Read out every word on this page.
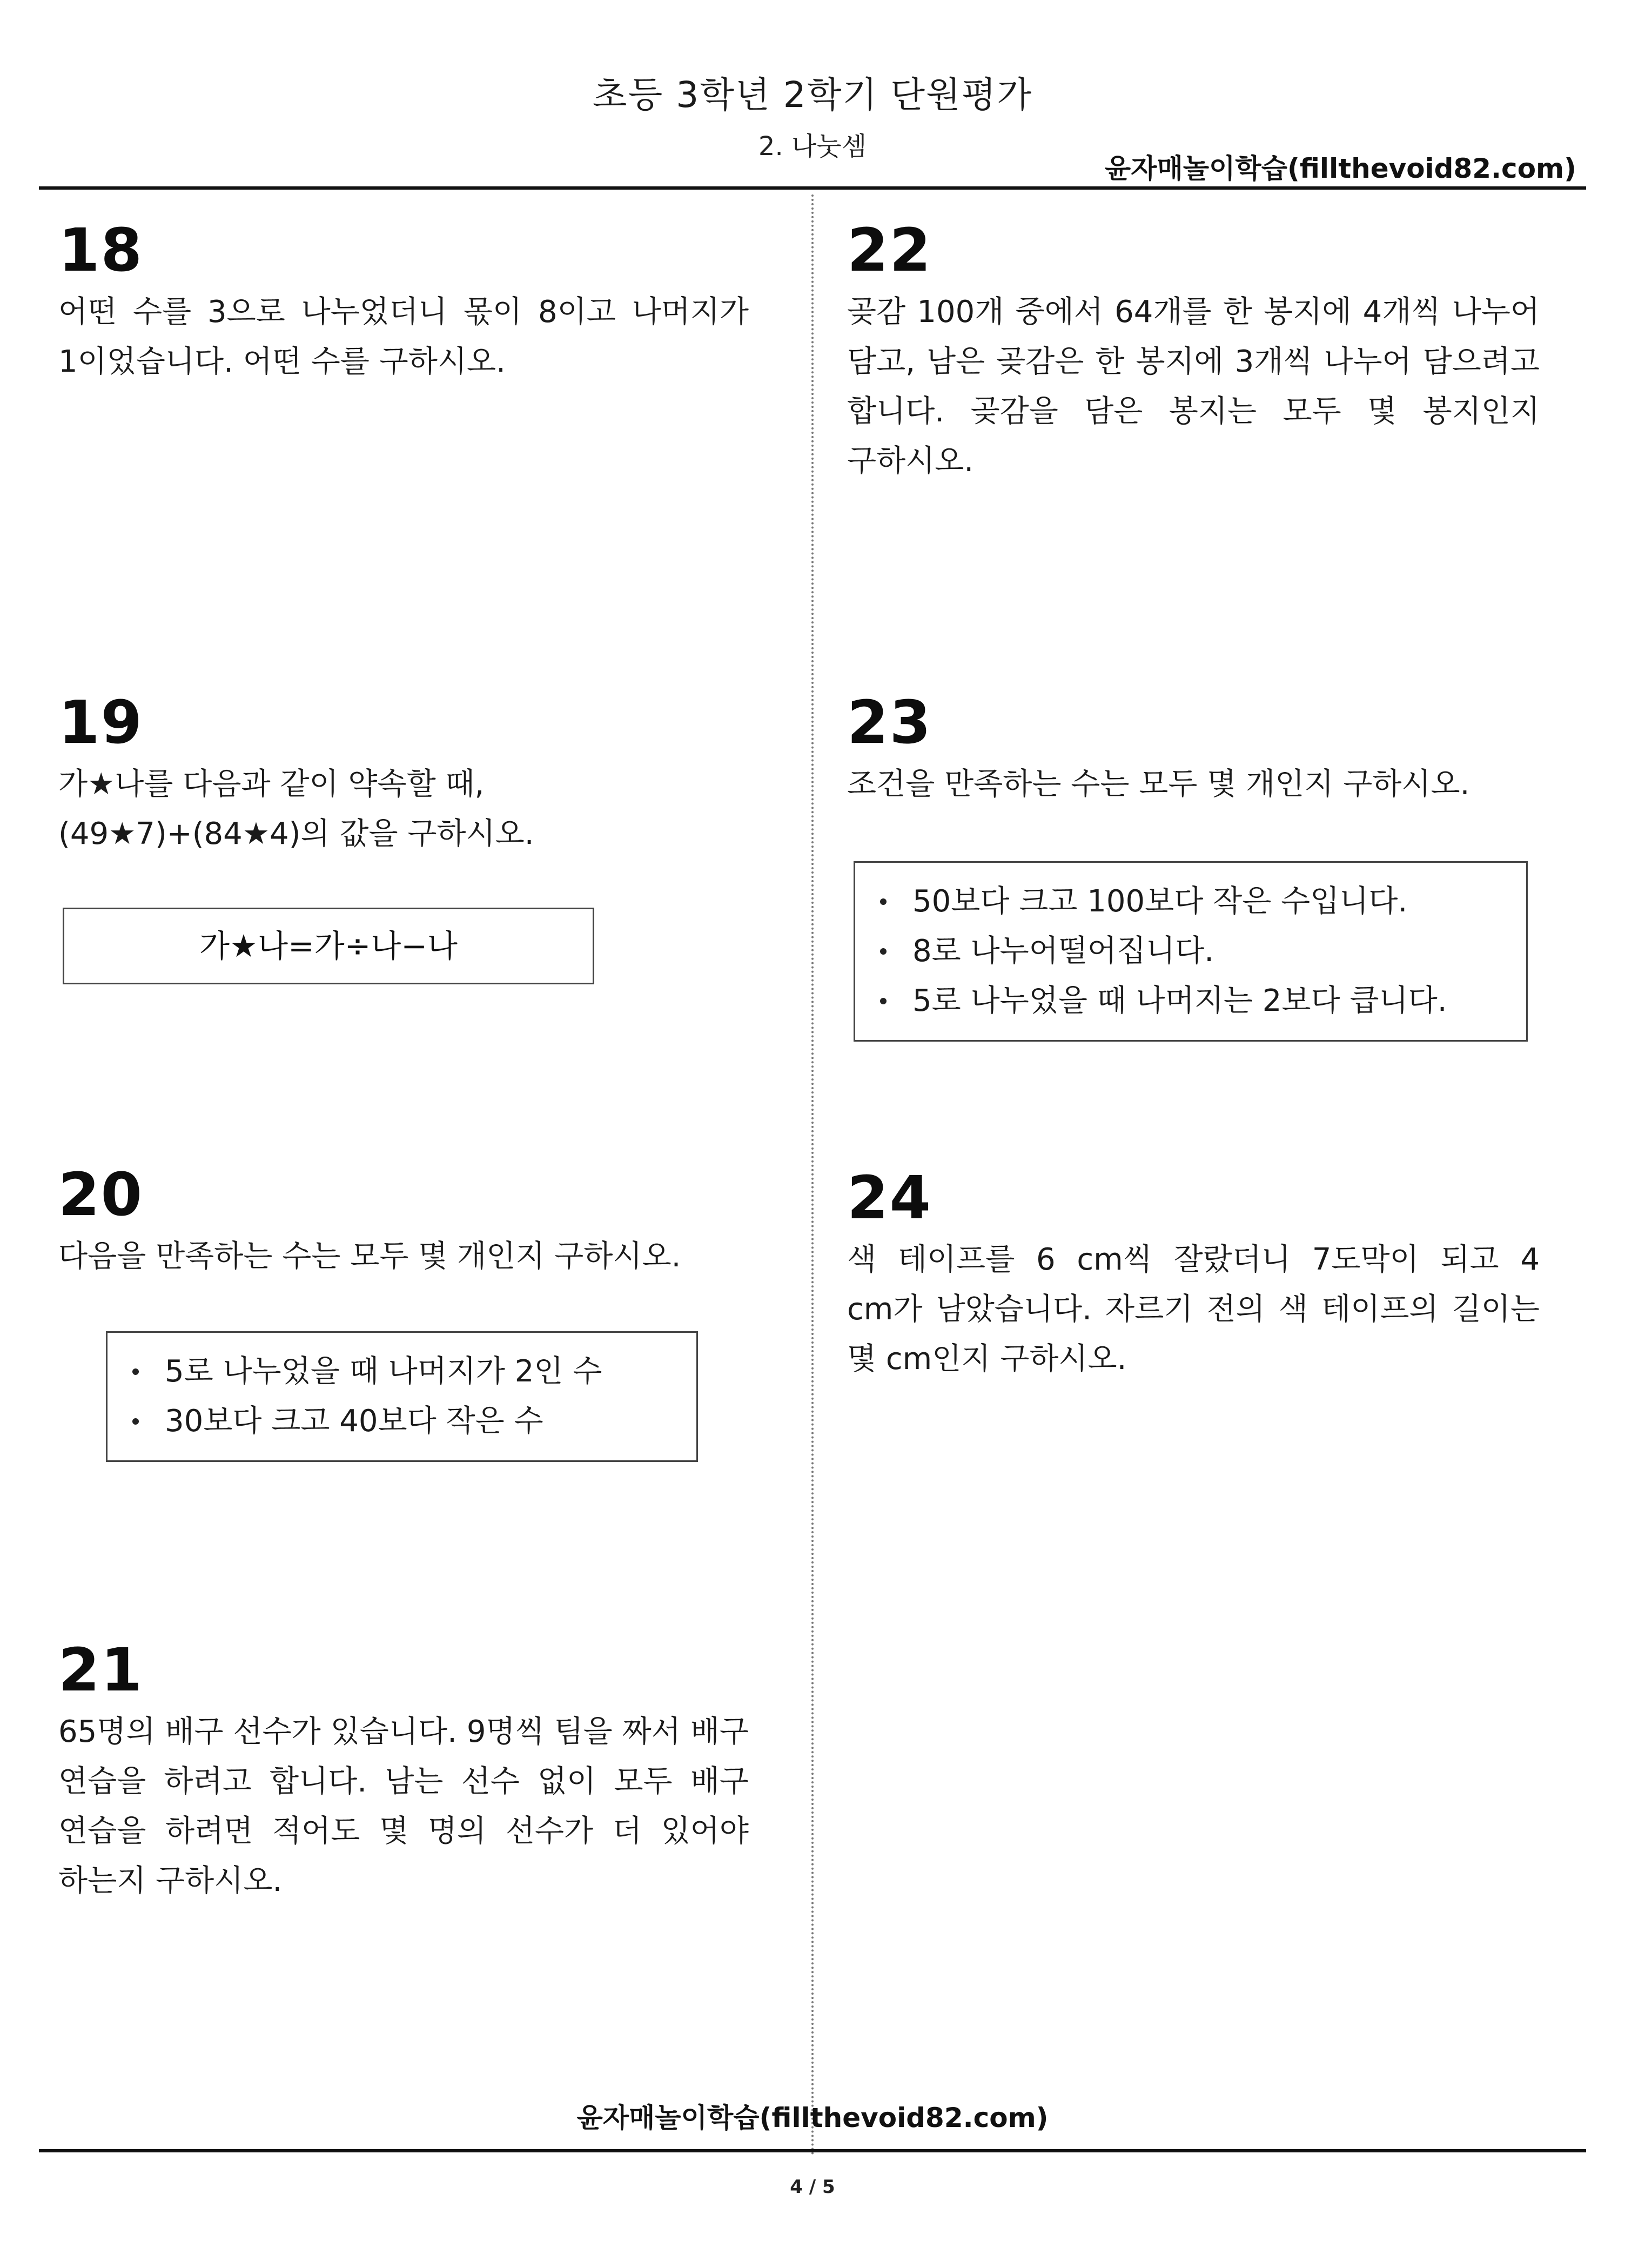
초등 3학년 2학기 단원평가
2. 나눗셈
윤자매놀이학습(fillthevoid82.com)
18
어떤 수를 3으로 나누었더니 몫이 8이고 나머지가 1이었습니다. 어떤 수를 구하시오.
19
가★나를 다음과 같이 약속할 때,
(49★7)+(84★4)의 값을 구하시오.
가★나=가÷나−나
20
다음을 만족하는 수는 모두 몇 개인지 구하시오.
5로 나누었을 때 나머지가 2인 수
30보다 크고 40보다 작은 수
21
65명의 배구 선수가 있습니다. 9명씩 팀을 짜서 배구 연습을 하려고 합니다. 남는 선수 없이 모두 배구 연습을 하려면 적어도 몇 명의 선수가 더 있어야 하는지 구하시오.
22
곶감 100개 중에서 64개를 한 봉지에 4개씩 나누어 담고, 남은 곶감은 한 봉지에 3개씩 나누어 담으려고 합니다. 곶감을 담은 봉지는 모두 몇 봉지인지 구하시오.
23
조건을 만족하는 수는 모두 몇 개인지 구하시오.
50보다 크고 100보다 작은 수입니다.
8로 나누어떨어집니다.
5로 나누었을 때 나머지는 2보다 큽니다.
24
색 테이프를 6 cm씩 잘랐더니 7도막이 되고 4 cm가 남았습니다. 자르기 전의 색 테이프의 길이는 몇 cm인지 구하시오.
윤자매놀이학습(fillthevoid82.com)
4 / 5
